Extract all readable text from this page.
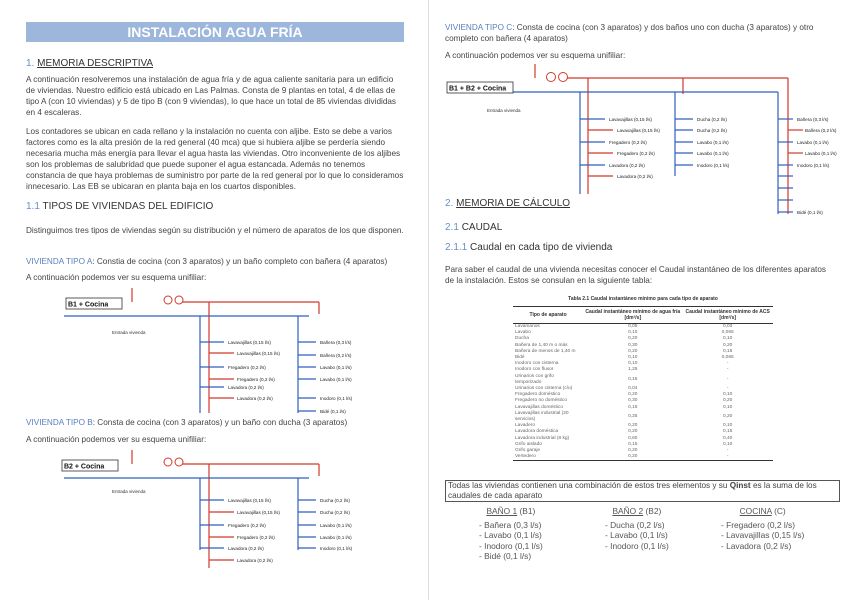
INSTALACIÓN AGUA FRÍA
1. MEMORIA DESCRIPTIVA
A continuación resolveremos una instalación de agua fría y de agua caliente sanitaria para un edificio de viviendas. Nuestro edificio está ubicado en Las Palmas. Consta de 9 plantas en total, 4 de ellas de tipo A (con 10 viviendas) y 5 de tipo B (con 9 viviendas), lo que hace un total de 85 viviendas divididas en 4 escaleras.
Los contadores se ubican en cada rellano y la instalación no cuenta con aljibe. Esto se debe a varios factores como es la alta presión de la red general (40 mca) que si hubiera aljibe se perdería siendo necesaria mucha más energía para llevar el agua hasta las viviendas. Otro inconveniente de los aljibes son los problemas de salubridad que puede suponer el agua estancada. Además no tenemos constancia de que haya problemas de suministro por parte de la red general por lo que lo consideramos innecesario. Las EB se ubicaran en planta baja en los cuartos disponibles.
1.1 TIPOS DE VIVIENDAS DEL EDIFICIO
Distinguimos tres tipos de viviendas según su distribución y el número de aparatos de los que disponen.
VIVIENDA TIPO A: Constia de cocina (con 3 aparatos) y un baño completo con bañera (4 aparatos)
A continuación podemos ver su esquema unifiliar:
B1 + Cocina
Entrada vivienda
Lavavajillas (0,15 l/s)
Lavavajillas (0,15 l/s)
Fregadero (0,2 l/s)
Fregadero (0,2 l/s)
Lavadora (0,2 l/s)
Lavadora (0,2 l/s)
Bañera (0,3 l/s)
Bañera (0,2 l/s)
Lavabo (0,1 l/s)
Lavabo (0,1 l/s)
Inodoro (0,1 l/s)
Bidé (0,1 l/s)
VIVIENDA TIPO B: Consta de cocina (con 3 aparatos) y un baño con ducha (3 aparatos)
A continuación podemos ver su esquema unifiliar:
B2 + Cocina
Entrada vivienda
Lavavajillas (0,15 l/s)
Lavavajillas (0,15 l/s)
Fregadero (0,2 l/s)
Fregadero (0,2 l/s)
Lavadora (0,2 l/s)
Lavadora (0,2 l/s)
Ducha (0,2 l/s)
Ducha (0,2 l/s)
Lavabo (0,1 l/s)
Lavabo (0,1 l/s)
Inodoro (0,1 l/s)
VIVIENDA TIPO C: Consta de cocina (con 3 aparatos) y dos baños uno con ducha (3 aparatos) y otro completo con bañera (4 aparatos)
A continuación podemos ver su esquema unifiliar:
B1 + B2 + Cocina
Entrada vivienda
Lavavajillas (0,15 l/s)
Lavavajillas (0,15 l/s)
Fregadero (0,2 l/s)
Fregadero (0,2 l/s)
Lavadora (0,2 l/s)
Lavadora (0,2 l/s)
Ducha (0,2 l/s)
Ducha (0,2 l/s)
Lavabo (0,1 l/s)
Lavabo (0,1 l/s)
Inodoro (0,1 l/s)
Bañera (0,3 l/s)
Bañera (0,2 l/s)
Lavabo (0,1 l/s)
Lavabo (0,1 l/s)
Inodoro (0,1 l/s)
Bidé (0,1 l/s)
2. MEMORIA DE CÁLCULO
2.1 CAUDAL
2.1.1 Caudal en cada tipo de vivienda
Para saber el caudal de una vivienda necesitas conocer el Caudal instantáneo de los diferentes aparatos de la instalación. Estos se consulan en la siguiente tabla:
Tabla 2.1 Caudal instantáneo mínimo para cada tipo de aparato
Tipo de aparato	Caudal instantáneo mínimo de agua fría [dm³/s]	Caudal instantáneo mínimo de ACS [dm³/s]
Lavamanos	0,05	0,03
Lavabo	0,10	0,065
Ducha	0,20	0,10
Bañera de 1,40 m o más	0,30	0,20
Bañera de menos de 1,40 m	0,20	0,15
Bidé	0,10	0,065
Inodoro con cisterna	0,10	-
Inodoro con fluxor	1,25	-
Urinarios con grifo temporizado	0,15	-
Urinarios con cisterna (c/u)	0,04	-
Fregadero doméstico	0,20	0,10
Fregadero no doméstico	0,30	0,20
Lavavajillas doméstico	0,15	0,10
Lavavajillas industrial (20 servicios)	0,25	0,20
Lavadero	0,20	0,10
Lavadora doméstica	0,20	0,15
Lavadora industrial (8 kg)	0,60	0,40
Grifo aislado	0,15	0,10
Grifo garaje	0,20	-
Vertedero	0,20	-
Todas las viviendas contienen una combinación de estos tres elementos y su Qinst es la suma de los caudales de cada aparato
BAÑO 1 (B1)
- Bañera (0,3 l/s)
- Lavabo (0,1 l/s)
- Inodoro (0,1 l/s)
- Bidé (0,1 l/s)
BAÑO 2 (B2)
- Ducha (0,2 l/s)
- Lavabo (0,1 l/s)
- Inodoro (0,1 l/s)
COCINA (C)
- Fregadero (0,2 l/s)
- Lavavajillas (0,15 l/s)
- Lavadora (0,2 l/s)
